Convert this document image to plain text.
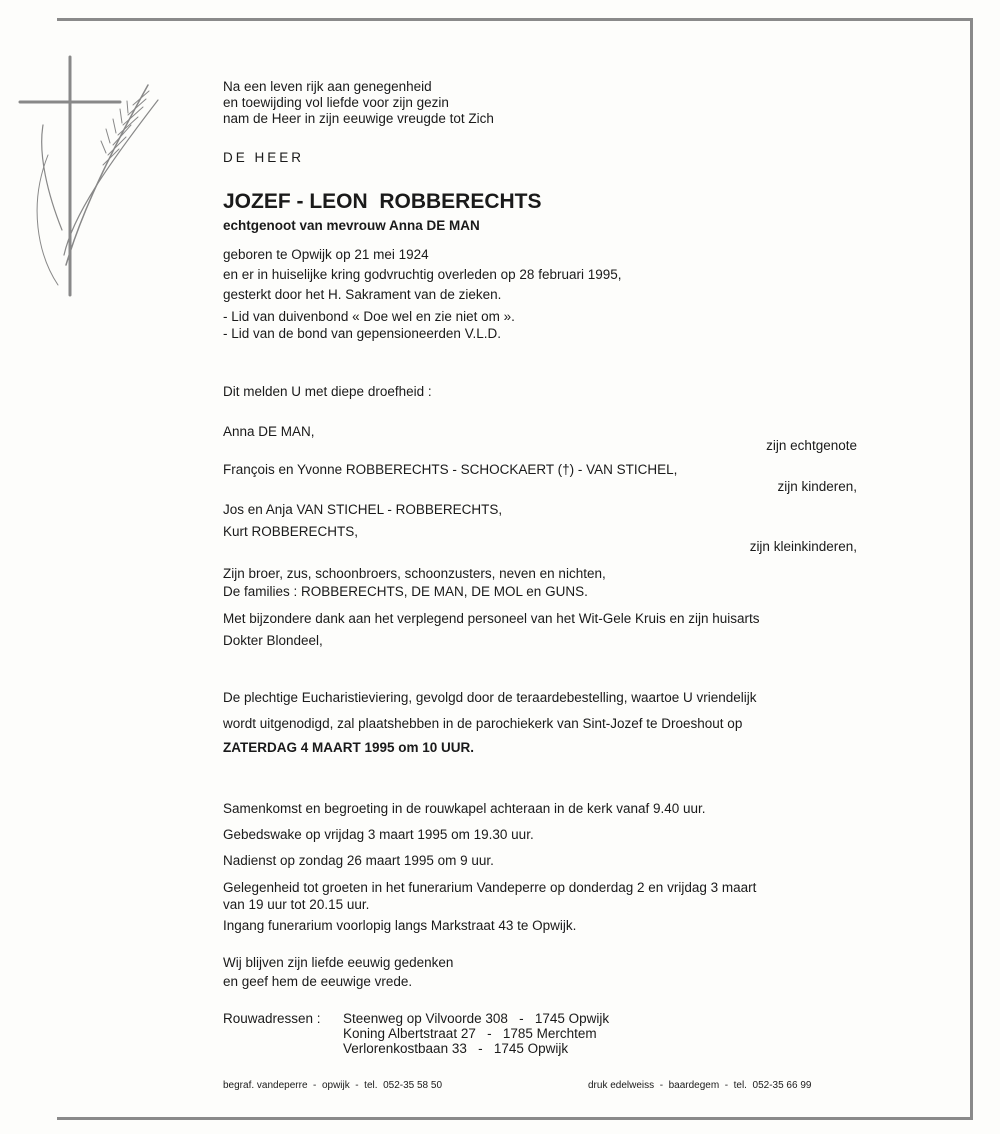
Na een leven rijk aan genegenheid
en toewijding vol liefde voor zijn gezin
nam de Heer in zijn eeuwige vreugde tot Zich
DE HEER
JOZEF - LEON  ROBBERECHTS
echtgenoot van mevrouw Anna DE MAN
geboren te Opwijk op 21 mei 1924
en er in huiselijke kring godvruchtig overleden op 28 februari 1995,
gesterkt door het H. Sakrament van de zieken.
- Lid van duivenbond « Doe wel en zie niet om ».
- Lid van de bond van gepensioneerden V.L.D.
Dit melden U met diepe droefheid :
Anna DE MAN,
zijn echtgenote
François en Yvonne ROBBERECHTS - SCHOCKAERT (†) - VAN STICHEL,
zijn kinderen,
Jos en Anja VAN STICHEL - ROBBERECHTS,
Kurt ROBBERECHTS,
zijn kleinkinderen,
Zijn broer, zus, schoonbroers, schoonzusters, neven en nichten,
De families : ROBBERECHTS, DE MAN, DE MOL en GUNS.
Met bijzondere dank aan het verplegend personeel van het Wit-Gele Kruis en zijn huisarts
Dokter Blondeel,
De plechtige Eucharistieviering, gevolgd door de teraardebestelling, waartoe U vriendelijk
wordt uitgenodigd, zal plaatshebben in de parochiekerk van Sint-Jozef te Droeshout op
ZATERDAG 4 MAART 1995 om 10 UUR.
Samenkomst en begroeting in de rouwkapel achteraan in de kerk vanaf 9.40 uur.
Gebedswake op vrijdag 3 maart 1995 om 19.30 uur.
Nadienst op zondag 26 maart 1995 om 9 uur.
Gelegenheid tot groeten in het funerarium Vandeperre op donderdag 2 en vrijdag 3 maart
van 19 uur tot 20.15 uur.
Ingang funerarium voorlopig langs Markstraat 43 te Opwijk.
Wij blijven zijn liefde eeuwig gedenken
en geef hem de eeuwige vrede.
Rouwadressen : Steenweg op Vilvoorde 308   -   1745 Opwijk
Koning Albertstraat 27   -   1785 Merchtem
Verlorenkostbaan 33   -   1745 Opwijk
begraf. vandeperre  -  opwijk  -  tel.  052-35 58 50	druk edelweiss  -  baardegem  -  tel.  052-35 66 99
